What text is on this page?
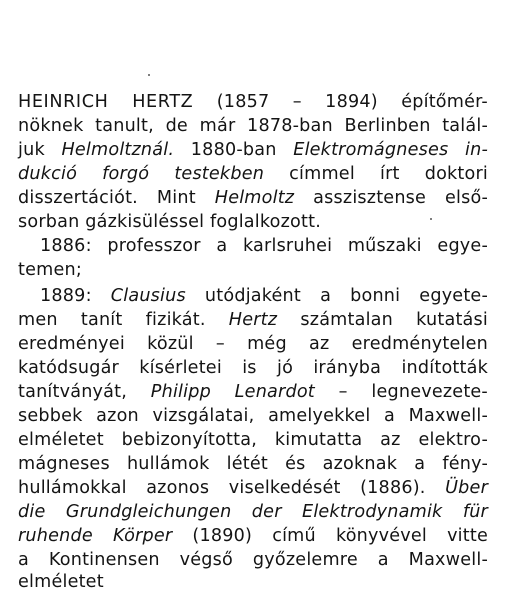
HEINRICH HERTZ (1857 – 1894) építőmér-
nöknek tanult, de már 1878-ban Berlinben talál-
juk Helmoltznál. 1880-ban Elektromágneses in-
dukció forgó testekben címmel írt doktori
disszertációt. Mint Helmoltz asszisztense első-
sorban gázkisüléssel foglalkozott.
1886: professzor a karlsruhei műszaki egye-
temen;
1889: Clausius utódjaként a bonni egyete-
men tanít fizikát. Hertz számtalan kutatási
eredményei közül – még az eredménytelen
katódsugár kísérletei is jó irányba indították
tanítványát, Philipp Lenardot – legnevezete-
sebbek azon vizsgálatai, amelyekkel a Maxwell-
elméletet bebizonyította, kimutatta az elektro-
mágneses hullámok létét és azoknak a fény-
hullámokkal azonos viselkedését (1886). Über
die Grundgleichungen der Elektrodynamik für
ruhende Körper (1890) című könyvével vitte
a Kontinensen végső győzelemre a Maxwell-
elméletet
